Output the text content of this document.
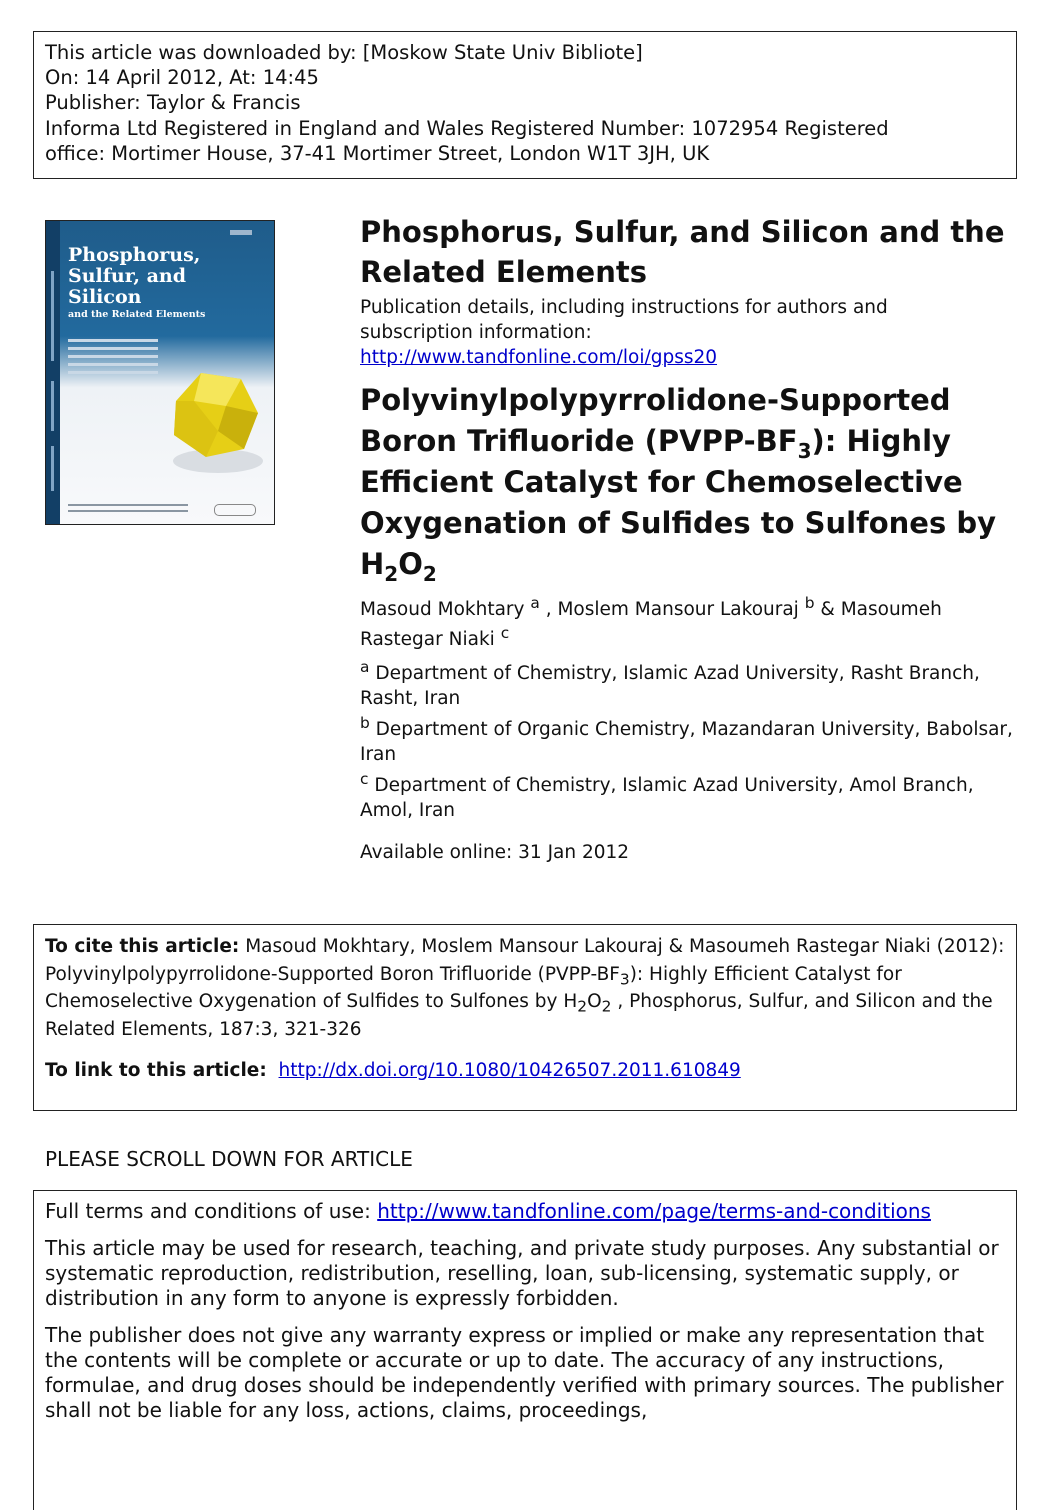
This article was downloaded by: [Moskow State Univ Bibliote]
On: 14 April 2012, At: 14:45
Publisher: Taylor & Francis
Informa Ltd Registered in England and Wales Registered Number: 1072954 Registered
office: Mortimer House, 37-41 Mortimer Street, London W1T 3JH, UK
Phosphorus,
Sulfur, and
Silicon
and the Related Elements
Phosphorus, Sulfur, and Silicon and the Related Elements
Publication details, including instructions for authors and
subscription information:
http://www.tandfonline.com/loi/gpss20
Polyvinylpolypyrrolidone-Supported Boron Trifluoride $(PVPP-BF_3)$: Highly Efficient Catalyst for Chemoselective Oxygenation of Sulfides to Sulfones by $H_2O_2$
Masoud Mokhtary $^a$ , Moslem Mansour Lakouraj $^b$ & Masoumeh Rastegar Niaki $^c$
$^a$ Department of Chemistry, Islamic Azad University, Rasht Branch, Rasht, Iran
$^b$ Department of Organic Chemistry, Mazandaran University, Babolsar, Iran
$^c$ Department of Chemistry, Islamic Azad University, Amol Branch, Amol, Iran
Available online: 31 Jan 2012
To cite this article: Masoud Mokhtary, Moslem Mansour Lakouraj & Masoumeh Rastegar Niaki (2012): Polyvinylpolypyrrolidone-Supported Boron Trifluoride $(PVPP-BF_3)$: Highly Efficient Catalyst for Chemoselective Oxygenation of Sulfides to Sulfones by $H_2O_2$ , Phosphorus, Sulfur, and Silicon and the Related Elements, 187:3, 321-326
To link to this article: http://dx.doi.org/10.1080/10426507.2011.610849
PLEASE SCROLL DOWN FOR ARTICLE

Full terms and conditions of use: http://www.tandfonline.com/page/terms-and-conditions

This article may be used for research, teaching, and private study purposes. Any substantial or systematic reproduction, redistribution, reselling, loan, sub-licensing, systematic supply, or distribution in any form to anyone is expressly forbidden.

The publisher does not give any warranty express or implied or make any representation that the contents will be complete or accurate or up to date. The accuracy of any instructions, formulae, and drug doses should be independently verified with primary sources. The publisher shall not be liable for any loss, actions, claims, proceedings,
